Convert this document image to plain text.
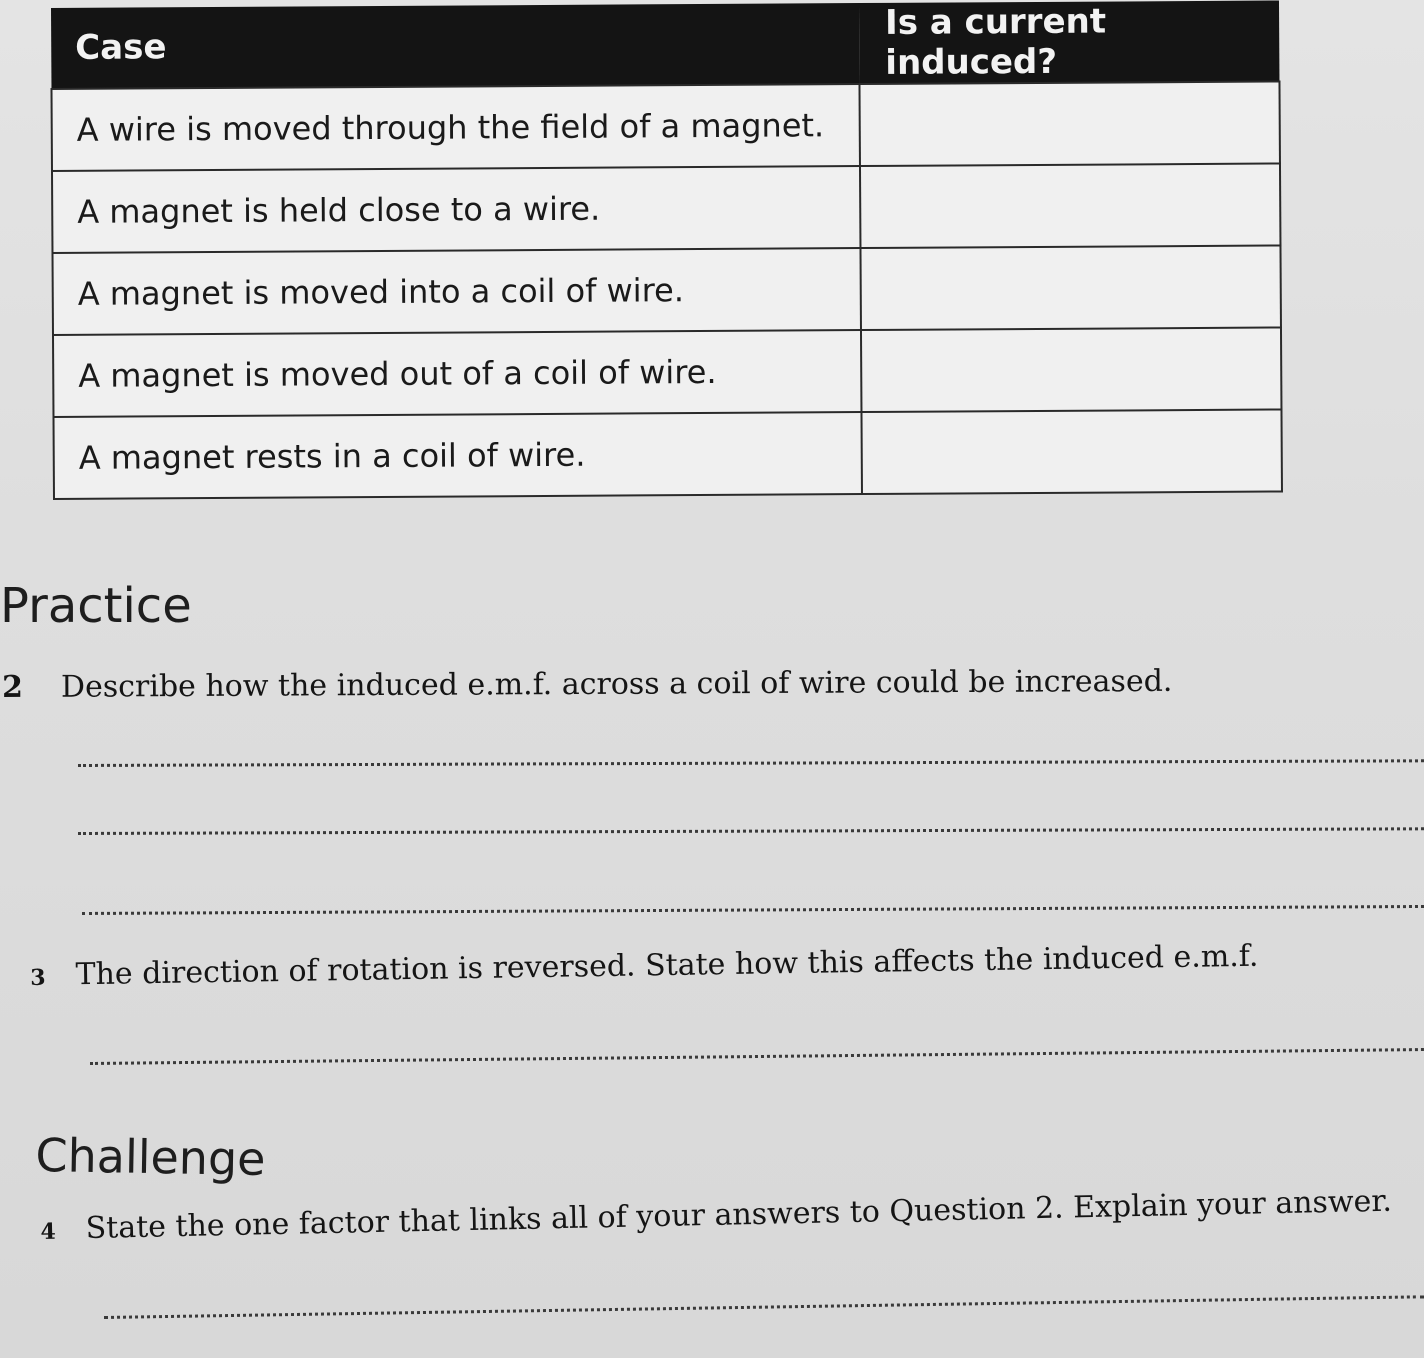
Case	Is a current induced?
A wire is moved through the field of a magnet.	
A magnet is held close to a wire.	
A magnet is moved into a coil of wire.	
A magnet is moved out of a coil of wire.	
A magnet rests in a coil of wire.	
Practice
2 Describe how the induced e.m.f. across a coil of wire could be increased.
3 The direction of rotation is reversed. State how this affects the induced e.m.f.
Challenge
4 State the one factor that links all of your answers to Question 2. Explain your answer.
